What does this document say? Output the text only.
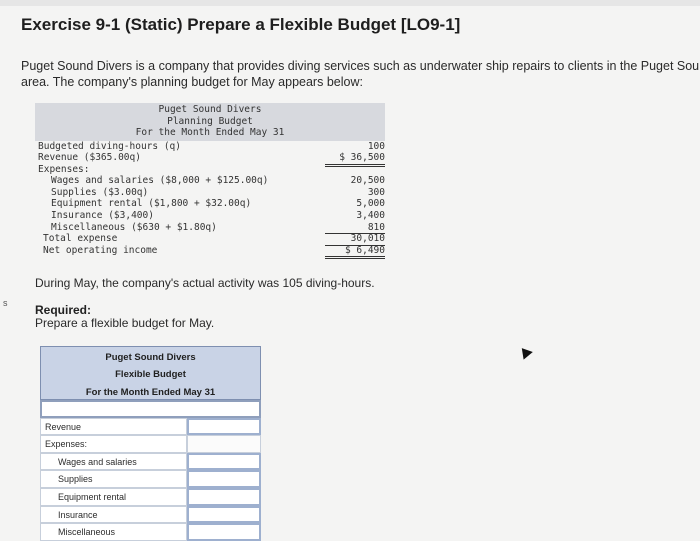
Exercise 9-1 (Static) Prepare a Flexible Budget [LO9-1]
Puget Sound Divers is a company that provides diving services such as underwater ship repairs to clients in the Puget Sou
area. The company's planning budget for May appears below:
s
Puget Sound Divers
Planning Budget
For the Month Ended May 31
Budgeted diving-hours (q)	100
Revenue ($365.00q)	$ 36,500
Expenses:
Wages and salaries ($8,000 + $125.00q)	20,500
Supplies ($3.00q)	300
Equipment rental ($1,800 + $32.00q)	5,000
Insurance ($3,400)	3,400
Miscellaneous ($630 + $1.80q)	810
Total expense	30,010
Net operating income	$ 6,490
During May, the company's actual activity was 105 diving-hours.
Required:
Prepare a flexible budget for May.
Puget Sound Divers
Flexible Budget
For the Month Ended May 31
Revenue
Expenses:
Wages and salaries
Supplies
Equipment rental
Insurance
Miscellaneous
